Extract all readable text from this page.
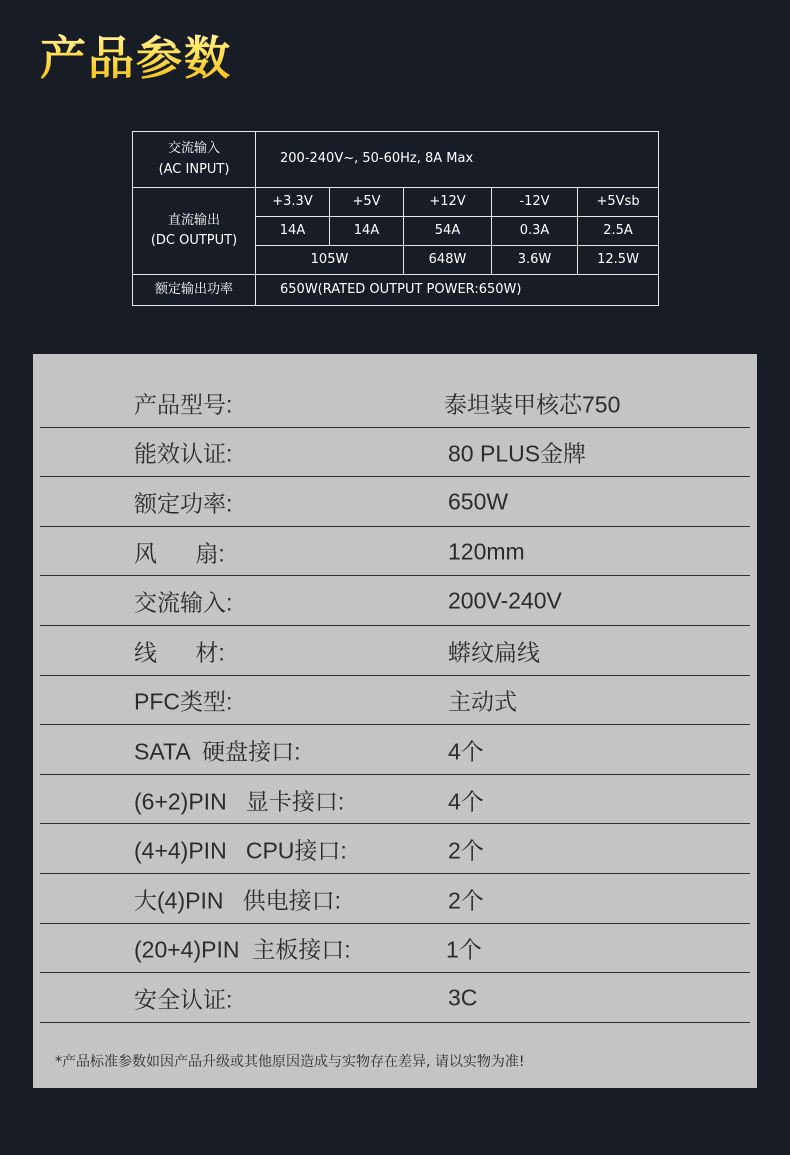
产品参数
交流输入
(AC INPUT)	200-240V~, 50-60Hz, 8A Max				

直流输出
(DC OUTPUT)	+3.3V	+5V	+12V	-12V	+5Vsb
	14A	14A	54A	0.3A	2.5A
	105W		648W	3.6W	12.5W
额定输出功率	650W(RATED OUTPUT POWER:650W)				
产品型号:	泰坦装甲核芯750
能效认证:	80 PLUS金牌
额定功率:	650W
风      扇:	120mm
交流输入:	200V-240V
线      材:	蟒纹扁线
PFC类型:	主动式
SATA  硬盘接口:	4个
(6+2)PIN   显卡接口:	4个
(4+4)PIN   CPU接口:	2个
大(4)PIN   供电接口:	2个
(20+4)PIN  主板接口:	1个
安全认证:	3C
*产品标准参数如因产品升级或其他原因造成与实物存在差异, 请以实物为准!
